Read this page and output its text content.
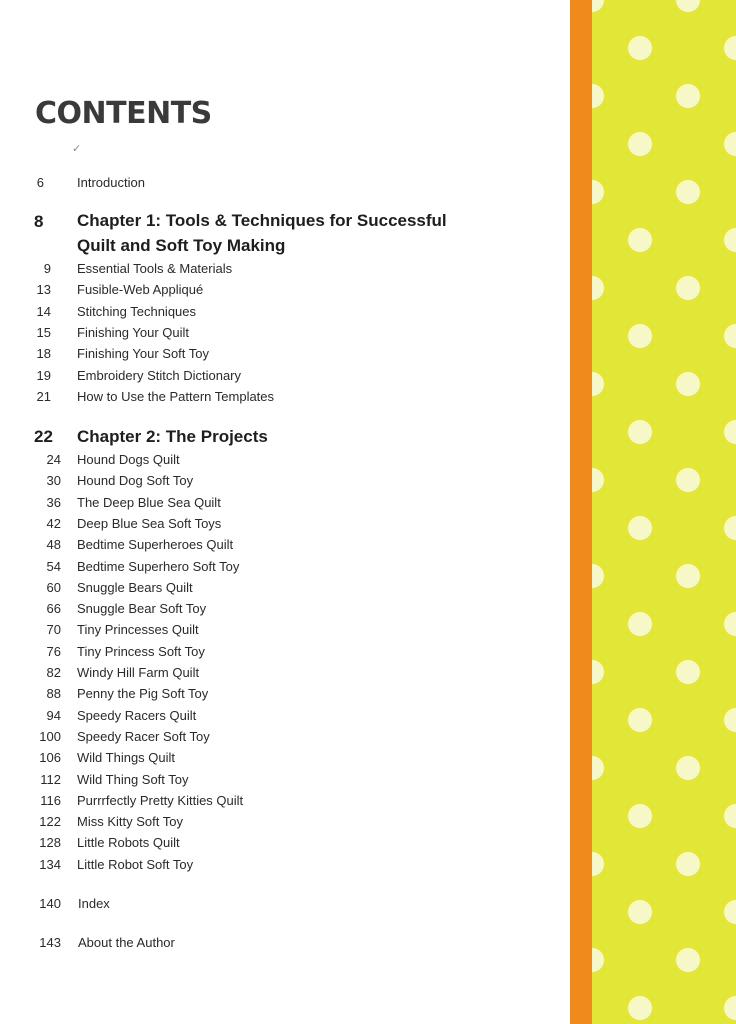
CONTENTS
✓
6	Introduction
8 Chapter 1: Tools & Techniques for Successful
Quilt and Soft Toy Making
9 Essential Tools & Materials
13 Fusible-Web Appliqué
14 Stitching Techniques
15 Finishing Your Quilt
18 Finishing Your Soft Toy
19 Embroidery Stitch Dictionary
21 How to Use the Pattern Templates
22 Chapter 2: The Projects
24 Hound Dogs Quilt
30 Hound Dog Soft Toy
36 The Deep Blue Sea Quilt
42 Deep Blue Sea Soft Toys
48 Bedtime Superheroes Quilt
54 Bedtime Superhero Soft Toy
60 Snuggle Bears Quilt
66 Snuggle Bear Soft Toy
70 Tiny Princesses Quilt
76 Tiny Princess Soft Toy
82 Windy Hill Farm Quilt
88 Penny the Pig Soft Toy
94 Speedy Racers Quilt
100 Speedy Racer Soft Toy
106 Wild Things Quilt
112 Wild Thing Soft Toy
116 Purrrfectly Pretty Kitties Quilt
122 Miss Kitty Soft Toy
128 Little Robots Quilt
134 Little Robot Soft Toy
140 Index
143 About the Author
